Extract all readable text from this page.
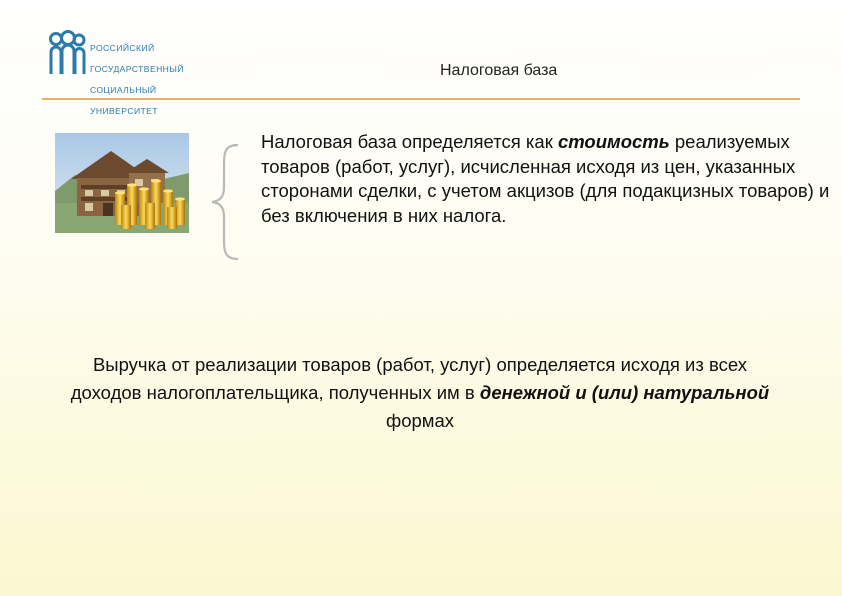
РОССИЙСКИЙ

ГОСУДАРСТВЕННЫЙ

СОЦИАЛЬНЫЙ

УНИВЕРСИТЕТ

Налоговая база
Налоговая база определяется как стоимость реализуемых товаров (работ, услуг), исчисленная исходя из цен, указанных сторонами сделки, с учетом акцизов (для подакцизных товаров) и без включения в них налога.
Выручка от реализации товаров (работ, услуг) определяется исходя из всех доходов налогоплательщика, полученных им в денежной и (или) натуральной формах
